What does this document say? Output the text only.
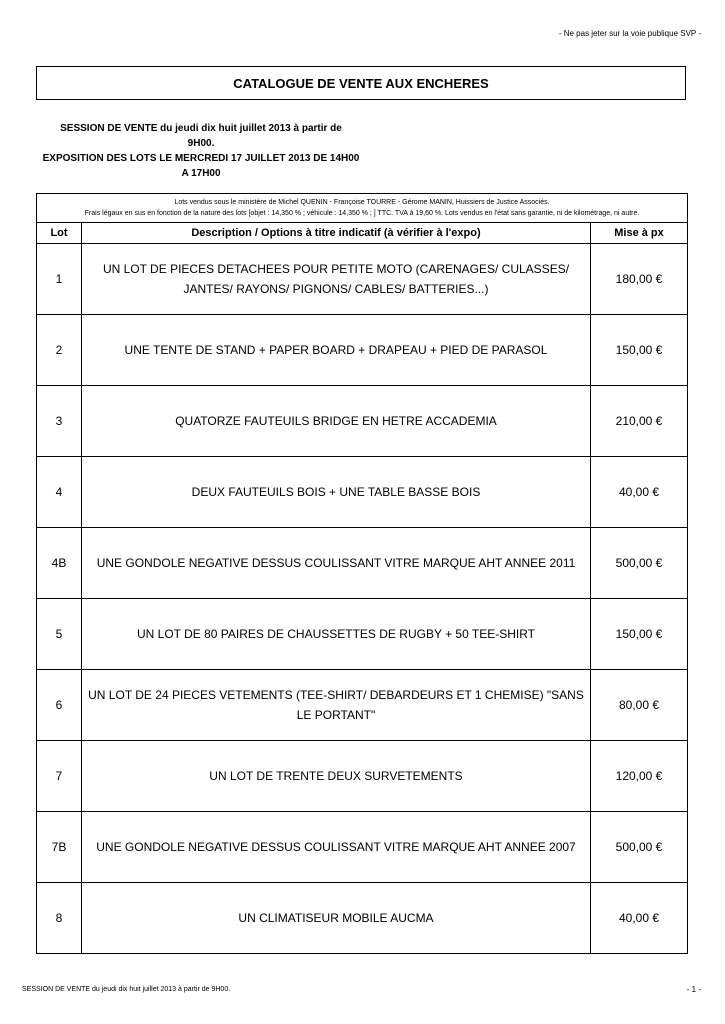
- Ne pas jeter sur la voie publique SVP -
CATALOGUE DE VENTE AUX ENCHERES
SESSION DE VENTE du jeudi dix huit juillet 2013 à partir de
9H00.
EXPOSITION DES LOTS LE MERCREDI 17 JUILLET 2013 DE 14H00
A 17H00
Lots vendus sous le ministère de Michel QUENIN - Françoise TOURRE - Gérome MANIN, Huissiers de Justice Associés.
Frais légaux en sus en fonction de la nature des lots [objet : 14,350 % ; véhicule : 14,350 % ; ] TTC. TVA à 19,60 %. Lots vendus en l'état sans garantie, ni de kilométrage, ni autre.
Lot	Description / Options à titre indicatif (à vérifier à l'expo)	Mise à px
1	UN LOT DE PIECES DETACHEES POUR PETITE MOTO (CARENAGES/ CULASSES/
JANTES/ RAYONS/ PIGNONS/ CABLES/ BATTERIES...)	180,00 €
2	UNE TENTE DE STAND + PAPER BOARD + DRAPEAU + PIED DE PARASOL	150,00 €
3	QUATORZE FAUTEUILS BRIDGE EN HETRE ACCADEMIA	210,00 €
4	DEUX FAUTEUILS BOIS + UNE TABLE BASSE BOIS	40,00 €
4B	UNE GONDOLE NEGATIVE DESSUS COULISSANT VITRE MARQUE AHT ANNEE 2011	500,00 €
5	UN LOT DE 80 PAIRES DE CHAUSSETTES DE RUGBY + 50 TEE-SHIRT	150,00 €
6	UN LOT DE 24 PIECES VETEMENTS (TEE-SHIRT/ DEBARDEURS ET 1 CHEMISE) "SANS
LE PORTANT"	80,00 €
7	UN LOT DE TRENTE DEUX SURVETEMENTS	120,00 €
7B	UNE GONDOLE NEGATIVE DESSUS COULISSANT VITRE MARQUE AHT ANNEE 2007	500,00 €
8	UN CLIMATISEUR MOBILE AUCMA	40,00 €
SESSION DE VENTE du jeudi dix huit juillet 2013 à partir de 9H00.	- 1 -
